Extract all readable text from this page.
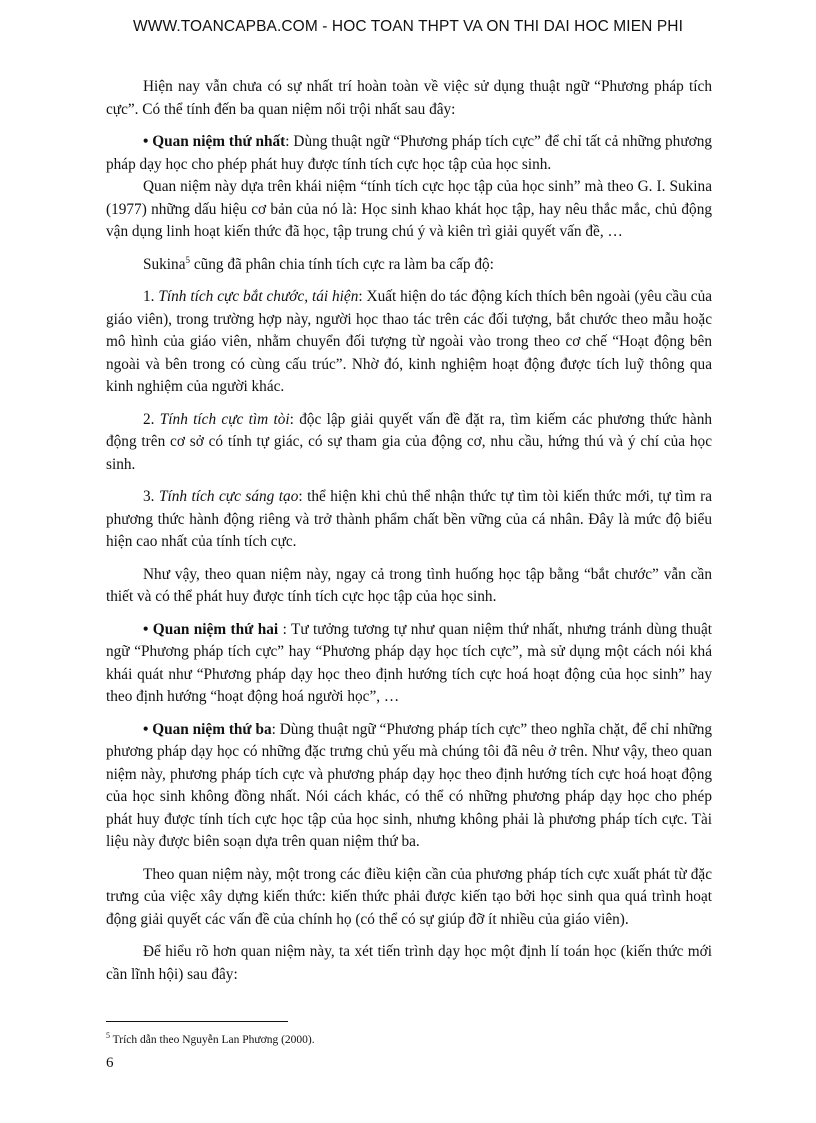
WWW.TOANCAPBA.COM - HOC TOAN THPT VA ON THI DAI HOC MIEN PHI

Hiện nay vẫn chưa có sự nhất trí hoàn toàn về việc sử dụng thuật ngữ “Phương pháp tích cực”. Có thể tính đến ba quan niệm nổi trội nhất sau đây:

• Quan niệm thứ nhất: Dùng thuật ngữ “Phương pháp tích cực” để chỉ tất cả những phương pháp dạy học cho phép phát huy được tính tích cực học tập của học sinh.

Quan niệm này dựa trên khái niệm “tính tích cực học tập của học sinh” mà theo G. I. Sukina (1977) những dấu hiệu cơ bản của nó là: Học sinh khao khát học tập, hay nêu thắc mắc, chủ động vận dụng linh hoạt kiến thức đã học, tập trung chú ý và kiên trì giải quyết vấn đề, …

Sukina$^5$ cũng đã phân chia tính tích cực ra làm ba cấp độ:

1. Tính tích cực bắt chước, tái hiện: Xuất hiện do tác động kích thích bên ngoài (yêu cầu của giáo viên), trong trường hợp này, người học thao tác trên các đối tượng, bắt chước theo mẫu hoặc mô hình của giáo viên, nhằm chuyển đối tượng từ ngoài vào trong theo cơ chế “Hoạt động bên ngoài và bên trong có cùng cấu trúc”. Nhờ đó, kinh nghiệm hoạt động được tích luỹ thông qua kinh nghiệm của người khác.

2. Tính tích cực tìm tòi: độc lập giải quyết vấn đề đặt ra, tìm kiếm các phương thức hành động trên cơ sở có tính tự giác, có sự tham gia của động cơ, nhu cầu, hứng thú và ý chí của học sinh.

3. Tính tích cực sáng tạo: thể hiện khi chủ thể nhận thức tự tìm tòi kiến thức mới, tự tìm ra phương thức hành động riêng và trở thành phẩm chất bền vững của cá nhân. Đây là mức độ biểu hiện cao nhất của tính tích cực.

Như vậy, theo quan niệm này, ngay cả trong tình huống học tập bằng “bắt chước” vẫn cần thiết và có thể phát huy được tính tích cực học tập của học sinh.

• Quan niệm thứ hai : Tư tưởng tương tự như quan niệm thứ nhất, nhưng tránh dùng thuật ngữ “Phương pháp tích cực” hay “Phương pháp dạy học tích cực”, mà sử dụng một cách nói khá khái quát như “Phương pháp dạy học theo định hướng tích cực hoá hoạt động của học sinh” hay theo định hướng “hoạt động hoá người học”, …

• Quan niệm thứ ba: Dùng thuật ngữ “Phương pháp tích cực” theo nghĩa chặt, để chỉ những phương pháp dạy học có những đặc trưng chủ yếu mà chúng tôi đã nêu ở trên. Như vậy, theo quan niệm này, phương pháp tích cực và phương pháp dạy học theo định hướng tích cực hoá hoạt động của học sinh không đồng nhất. Nói cách khác, có thể có những phương pháp dạy học cho phép phát huy được tính tích cực học tập của học sinh, nhưng không phải là phương pháp tích cực. Tài liệu này được biên soạn dựa trên quan niệm thứ ba.

Theo quan niệm này, một trong các điều kiện cần của phương pháp tích cực xuất phát từ đặc trưng của việc xây dựng kiến thức: kiến thức phải được kiến tạo bởi học sinh qua quá trình hoạt động giải quyết các vấn đề của chính họ (có thể có sự giúp đỡ ít nhiều của giáo viên).

Để hiểu rõ hơn quan niệm này, ta xét tiến trình dạy học một định lí toán học (kiến thức mới cần lĩnh hội) sau đây:

$^5$ Trích dẫn theo Nguyễn Lan Phương (2000).
6
